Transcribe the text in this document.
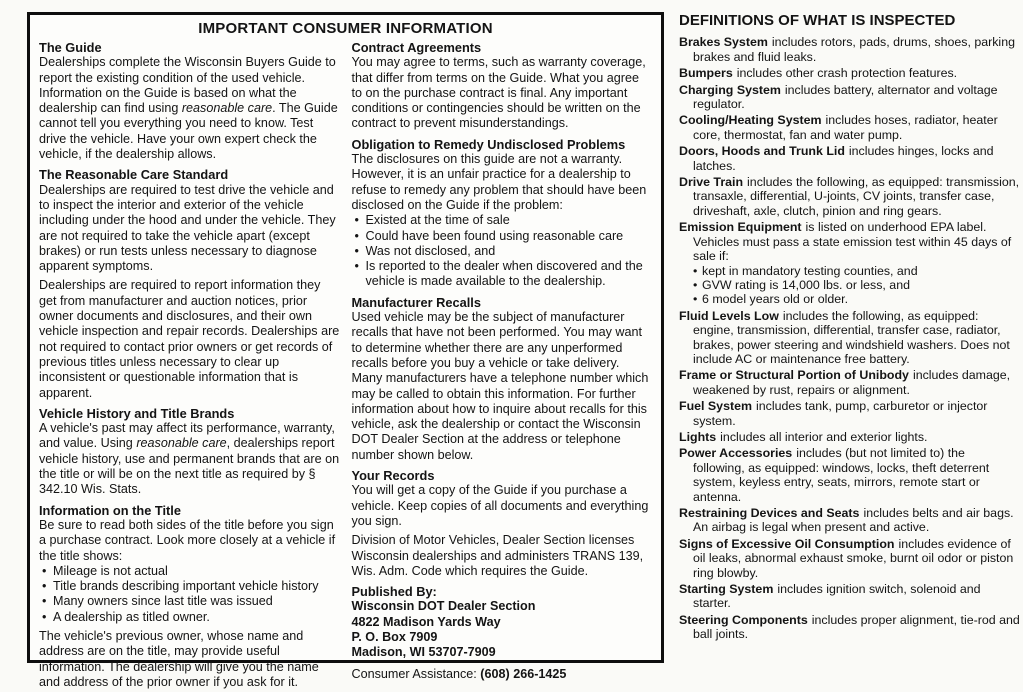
IMPORTANT CONSUMER INFORMATION
The Guide

Dealerships complete the Wisconsin Buyers Guide to report the existing condition of the used vehicle. Information on the Guide is based on what the dealership can find using reasonable care. The Guide cannot tell you everything you need to know. Test drive the vehicle. Have your own expert check the vehicle, if the dealership allows.

The Reasonable Care Standard

Dealerships are required to test drive the vehicle and to inspect the interior and exterior of the vehicle including under the hood and under the vehicle. They are not required to take the vehicle apart (except brakes) or run tests unless necessary to diagnose apparent symptoms.

Dealerships are required to report information they get from manufacturer and auction notices, prior owner documents and disclosures, and their own vehicle inspection and repair records. Dealerships are not required to contact prior owners or get records of previous titles unless necessary to clear up inconsistent or questionable information that is apparent.

Vehicle History and Title Brands

A vehicle's past may affect its performance, warranty, and value. Using reasonable care, dealerships report vehicle history, use and permanent brands that are on the title or will be on the next title as required by § 342.10 Wis. Stats.

Information on the Title

Be sure to read both sides of the title before you sign a purchase contract. Look more closely at a vehicle if the title shows:

• Mileage is not actual
• Title brands describing important vehicle history
• Many owners since last title was issued
• A dealership as titled owner.

The vehicle's previous owner, whose name and address are on the title, may provide useful information. The dealership will give you the name and address of the prior owner if you ask for it.

Contract Agreements

You may agree to terms, such as warranty coverage, that differ from terms on the Guide. What you agree to on the purchase contract is final. Any important conditions or contingencies should be written on the contract to prevent misunderstandings.

Obligation to Remedy Undisclosed Problems

The disclosures on this guide are not a warranty. However, it is an unfair practice for a dealership to refuse to remedy any problem that should have been disclosed on the Guide if the problem:

• Existed at the time of sale
• Could have been found using reasonable care
• Was not disclosed, and
• Is reported to the dealer when discovered and the vehicle is made available to the dealership.
Manufacturer Recalls

Used vehicle may be the subject of manufacturer recalls that have not been performed. You may want to determine whether there are any unperformed recalls before you buy a vehicle or take delivery. Many manufacturers have a telephone number which may be called to obtain this information. For further information about how to inquire about recalls for this vehicle, ask the dealership or contact the Wisconsin DOT Dealer Section at the address or telephone number shown below.

Your Records

You will get a copy of the Guide if you purchase a vehicle. Keep copies of all documents and everything you sign.

Division of Motor Vehicles, Dealer Section licenses Wisconsin dealerships and administers TRANS 139, Wis. Adm. Code which requires the Guide.

Published By:
Wisconsin DOT Dealer Section
4822 Madison Yards Way
P. O. Box 7909
Madison, WI 53707-7909

Consumer Assistance: (608) 266-1425

DEFINITIONS OF WHAT IS INSPECTED
Brakes System includes rotors, pads, drums, shoes, parking brakes and fluid leaks.
Bumpers includes other crash protection features.
Charging System includes battery, alternator and voltage regulator.
Cooling/Heating System includes hoses, radiator, heater core, thermostat, fan and water pump.
Doors, Hoods and Trunk Lid includes hinges, locks and latches.
Drive Train includes the following, as equipped: transmission, transaxle, differential, U-joints, CV joints, transfer case, driveshaft, axle, clutch, pinion and ring gears.
Emission Equipment is listed on underhood EPA label. Vehicles must pass a state emission test within 45 days of sale if:
• kept in mandatory testing counties, and
• GVW rating is 14,000 lbs. or less, and
• 6 model years old or older.
Fluid Levels Low includes the following, as equipped: engine, transmission, differential, transfer case, radiator, brakes, power steering and windshield washers. Does not include AC or maintenance free battery.
Frame or Structural Portion of Unibody includes damage, weakened by rust, repairs or alignment.
Fuel System includes tank, pump, carburetor or injector system.
Lights includes all interior and exterior lights.
Power Accessories includes (but not limited to) the following, as equipped: windows, locks, theft deterrent system, keyless entry, seats, mirrors, remote start or antenna.
Restraining Devices and Seats includes belts and air bags. An airbag is legal when present and active.
Signs of Excessive Oil Consumption includes evidence of oil leaks, abnormal exhaust smoke, burnt oil odor or piston ring blowby.
Starting System includes ignition switch, solenoid and starter.
Steering Components includes proper alignment, tie-rod and ball joints.
